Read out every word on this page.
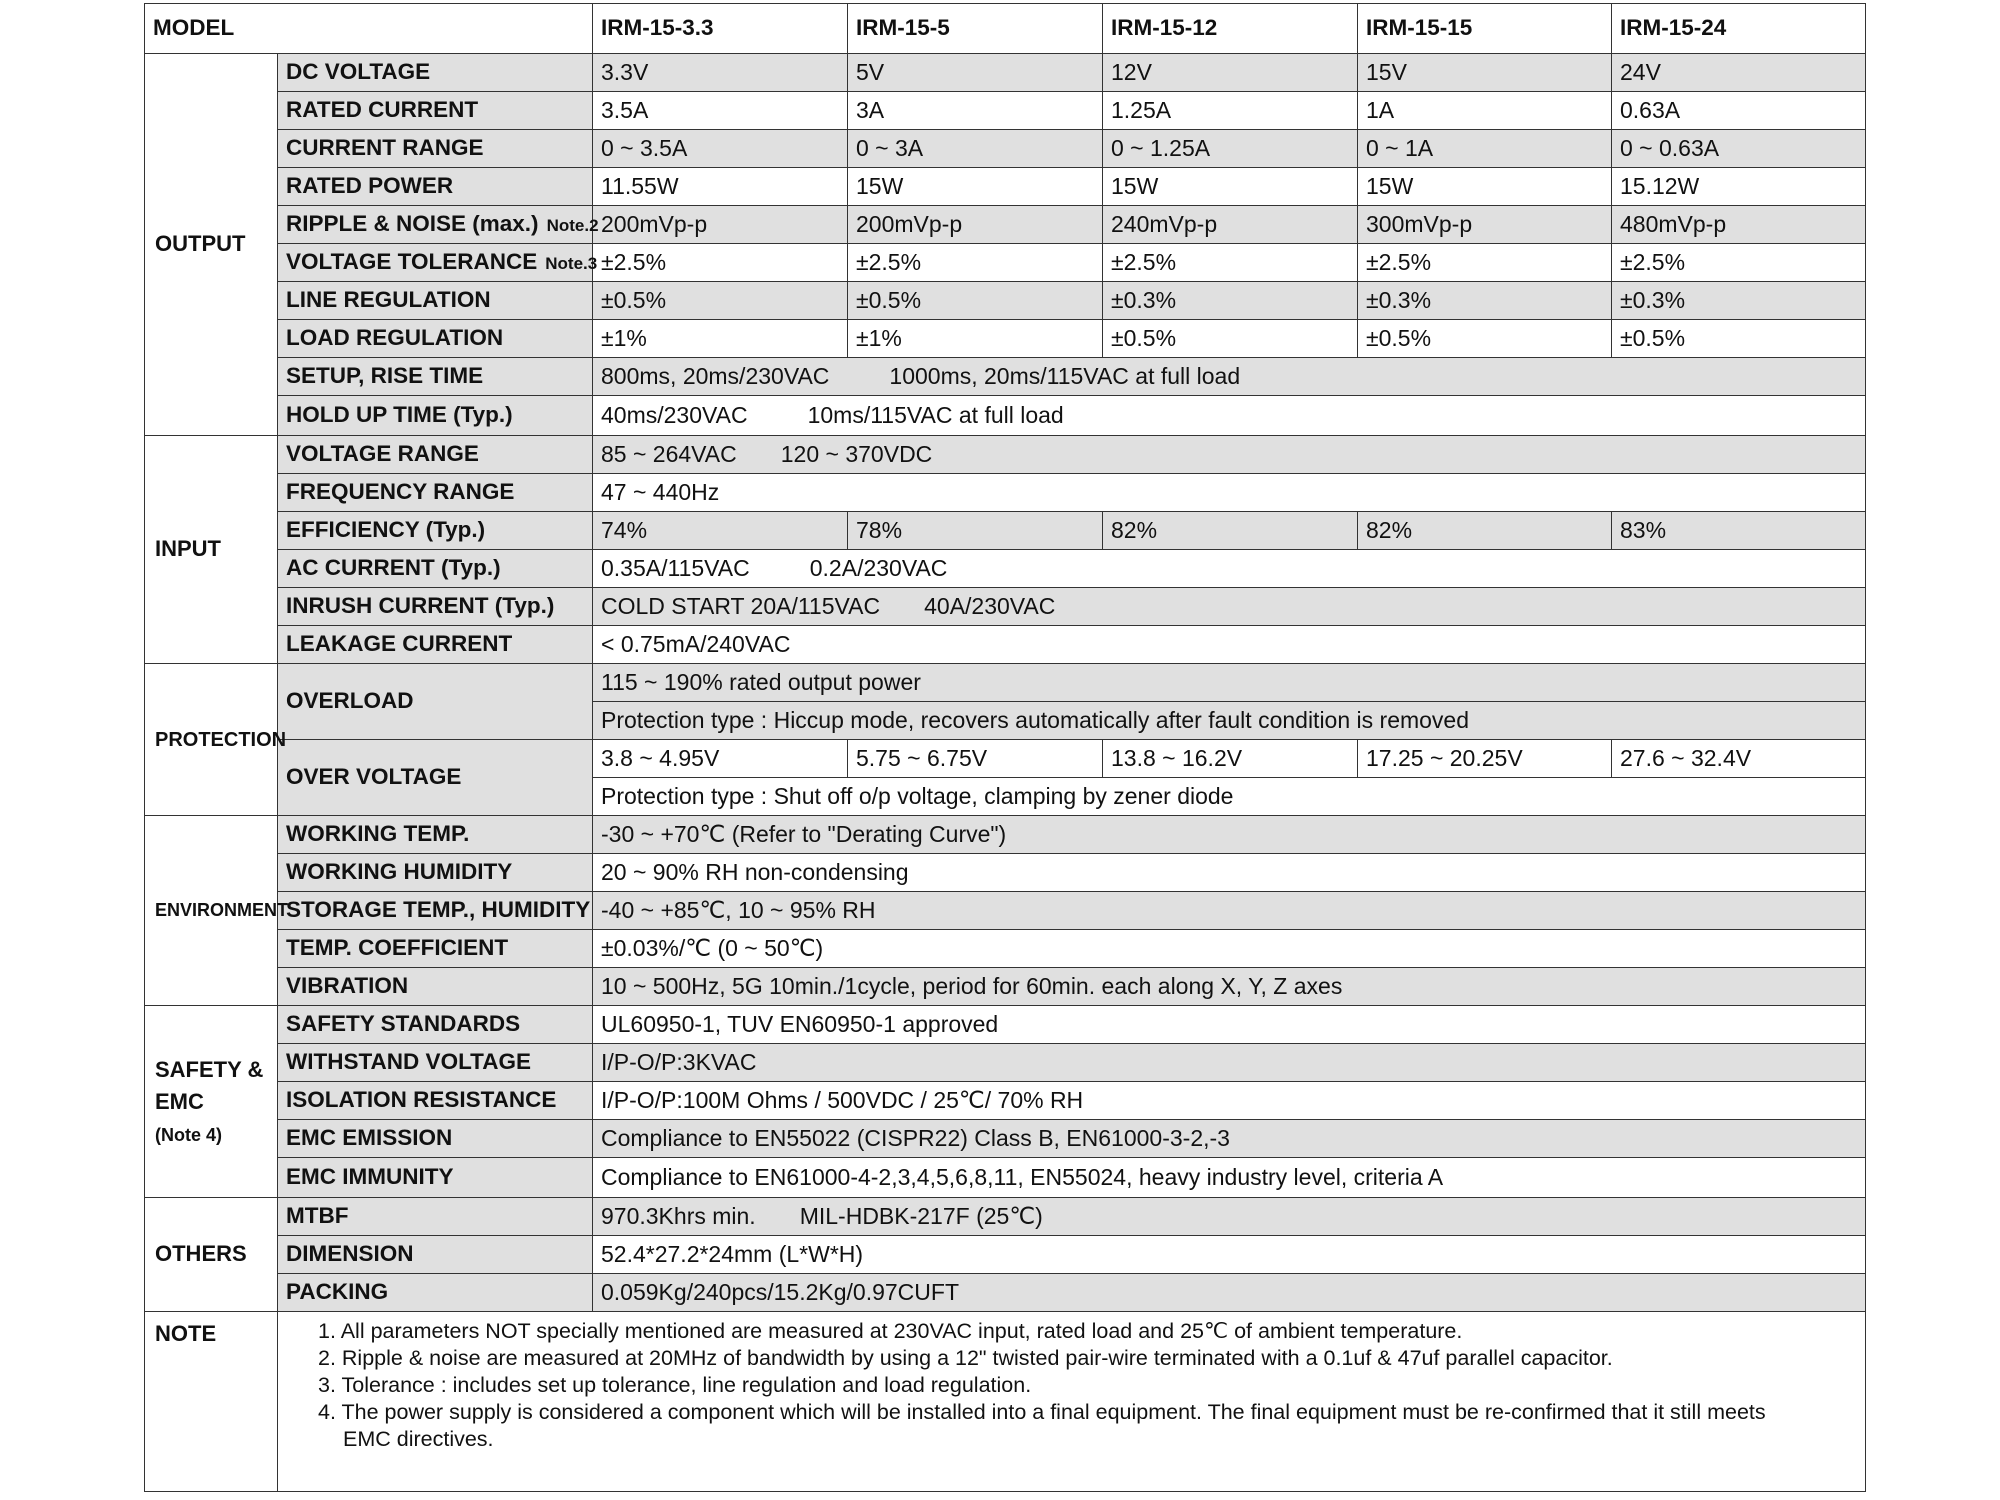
MODEL		IRM-15-3.3	IRM-15-5	IRM-15-12	IRM-15-15	IRM-15-24
OUTPUT	DC VOLTAGE	3.3V	5V	12V	15V	24V
	RATED CURRENT	3.5A	3A	1.25A	1A	0.63A
	CURRENT RANGE	0 ~ 3.5A	0 ~ 3A	0 ~ 1.25A	0 ~ 1A	0 ~ 0.63A
	RATED POWER	11.55W	15W	15W	15W	15.12W
	RIPPLE & NOISE (max.) Note.2	200mVp-p	200mVp-p	240mVp-p	300mVp-p	480mVp-p
	VOLTAGE TOLERANCE Note.3	±2.5%	±2.5%	±2.5%	±2.5%	±2.5%
	LINE REGULATION	±0.5%	±0.5%	±0.3%	±0.3%	±0.3%
	LOAD REGULATION	±1%	±1%	±0.5%	±0.5%	±0.5%
	SETUP, RISE TIME	800ms, 20ms/230VAC 1000ms, 20ms/115VAC at full load				
	HOLD UP TIME (Typ.)	40ms/230VAC 10ms/115VAC at full load				
INPUT	VOLTAGE RANGE	85 ~ 264VAC 120 ~ 370VDC				
	FREQUENCY RANGE	47 ~ 440Hz				
	EFFICIENCY (Typ.)	74%	78%	82%	82%	83%
	AC CURRENT (Typ.)	0.35A/115VAC 0.2A/230VAC				
	INRUSH CURRENT (Typ.)	COLD START 20A/115VAC 40A/230VAC				
	LEAKAGE CURRENT	< 0.75mA/240VAC				
PROTECTION	OVERLOAD	115 ~ 190% rated output power				
		Protection type : Hiccup mode, recovers automatically after fault condition is removed				
	OVER VOLTAGE	3.8 ~ 4.95V	5.75 ~ 6.75V	13.8 ~ 16.2V	17.25 ~ 20.25V	27.6 ~ 32.4V
		Protection type : Shut off o/p voltage, clamping by zener diode				
ENVIRONMENT	WORKING TEMP.	-30 ~ +70℃ (Refer to "Derating Curve")				
	WORKING HUMIDITY	20 ~ 90% RH non-condensing				
	STORAGE TEMP., HUMIDITY	-40 ~ +85℃, 10 ~ 95% RH				
	TEMP. COEFFICIENT	±0.03%/℃ (0 ~ 50℃)				
	VIBRATION	10 ~ 500Hz, 5G 10min./1cycle, period for 60min. each along X, Y, Z axes				
SAFETY &
EMC
(Note 4)	SAFETY STANDARDS	UL60950-1, TUV EN60950-1 approved				
	WITHSTAND VOLTAGE	I/P-O/P:3KVAC				
	ISOLATION RESISTANCE	I/P-O/P:100M Ohms / 500VDC / 25℃/ 70% RH				
	EMC EMISSION	Compliance to EN55022 (CISPR22) Class B, EN61000-3-2,-3				
	EMC IMMUNITY	Compliance to EN61000-4-2,3,4,5,6,8,11, EN55024, heavy industry level, criteria A				
OTHERS	MTBF	970.3Khrs min. MIL-HDBK-217F (25℃)				
	DIMENSION	52.4*27.2*24mm (L*W*H)				
	PACKING	0.059Kg/240pcs/15.2Kg/0.97CUFT				
NOTE	1. All parameters NOT specially mentioned are measured at 230VAC input, rated load and 25℃ of ambient temperature.
2. Ripple & noise are measured at 20MHz of bandwidth by using a 12" twisted pair-wire terminated with a 0.1uf & 47uf parallel capacitor.
3. Tolerance : includes set up tolerance, line regulation and load regulation.
4. The power supply is considered a component which will be installed into a final equipment. The final equipment must be re-confirmed that it still meets
EMC directives.					
